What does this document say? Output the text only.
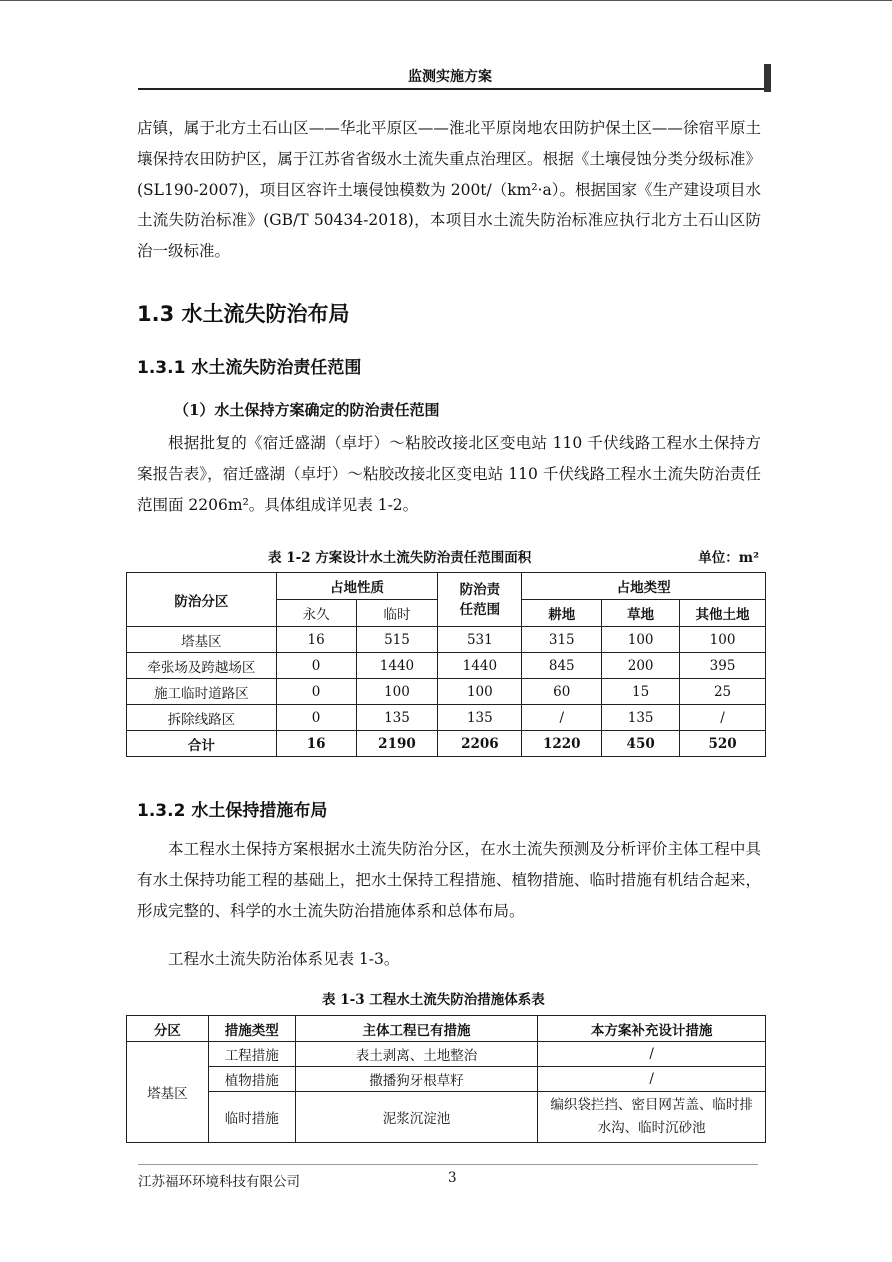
监测实施方案

店镇，属于北方土石山区——华北平原区——淮北平原岗地农田防护保土区——徐宿平原土壤保持农田防护区，属于江苏省省级水土流失重点治理区。根据《土壤侵蚀分类分级标准》(SL190-2007)，项目区容许土壤侵蚀模数为 200t/（km²·a）。根据国家《生产建设项目水土流失防治标准》(GB/T 50434-2018)，本项目水土流失防治标准应执行北方土石山区防治一级标准。

1.3 水土流失防治布局
1.3.1 水土流失防治责任范围

（1）水土保持方案确定的防治责任范围

根据批复的《宿迁盛湖（卓圩）～粘胶改接北区变电站 110 千伏线路工程水土保持方案报告表》，宿迁盛湖（卓圩）～粘胶改接北区变电站 110 千伏线路工程水土流失防治责任范围面 2206m²。具体组成详见表 1-2。

表 1-2 方案设计水土流失防治责任范围面积	单位：m²
防治分区	占地性质		防治责任范围	占地类型		
	永久	临时		耕地	草地	其他土地
塔基区	16	515	531	315	100	100
牵张场及跨越场区	0	1440	1440	845	200	395
施工临时道路区	0	100	100	60	15	25
拆除线路区	0	135	135	/	135	/
合计	16	2190	2206	1220	450	520
1.3.2 水土保持措施布局

本工程水土保持方案根据水土流失防治分区，在水土流失预测及分析评价主体工程中具有水土保持功能工程的基础上，把水土保持工程措施、植物措施、临时措施有机结合起来，形成完整的、科学的水土流失防治措施体系和总体布局。

工程水土流失防治体系见表 1-3。

表 1-3 工程水土流失防治措施体系表
分区	措施类型	主体工程已有措施	本方案补充设计措施
塔基区	工程措施	表土剥离、土地整治	/
	植物措施	撒播狗牙根草籽	/
	临时措施	泥浆沉淀池	编织袋拦挡、密目网苫盖、临时排水沟、临时沉砂池
江苏福环环境科技有限公司	3
